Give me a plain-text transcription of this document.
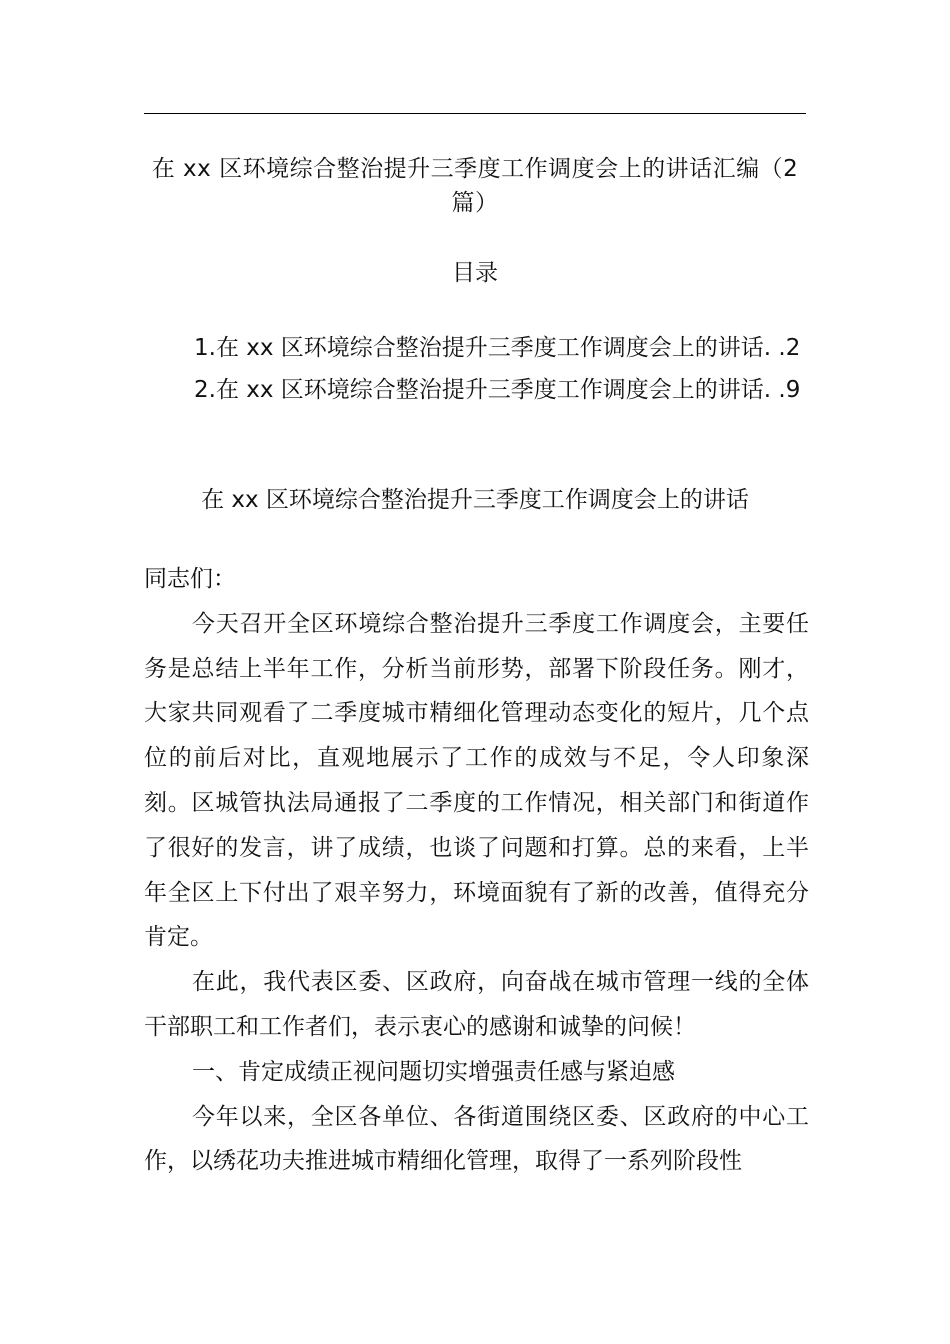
在 xx 区环境综合整治提升三季度工作调度会上的讲话汇编（2篇）
目录
1.在 xx 区环境综合整治提升三季度工作调度会上的讲话. .2
2.在 xx 区环境综合整治提升三季度工作调度会上的讲话. .9
在 xx 区环境综合整治提升三季度工作调度会上的讲话

同志们：

今天召开全区环境综合整治提升三季度工作调度会，主要任务是总结上半年工作，分析当前形势，部署下阶段任务。刚才，大家共同观看了二季度城市精细化管理动态变化的短片，几个点位的前后对比，直观地展示了工作的成效与不足，令人印象深刻。区城管执法局通报了二季度的工作情况，相关部门和街道作了很好的发言，讲了成绩，也谈了问题和打算。总的来看，上半年全区上下付出了艰辛努力，环境面貌有了新的改善，值得充分肯定。

在此，我代表区委、区政府，向奋战在城市管理一线的全体干部职工和工作者们，表示衷心的感谢和诚挚的问候！

一、肯定成绩正视问题切实增强责任感与紧迫感

今年以来，全区各单位、各街道围绕区委、区政府的中心工作，以绣花功夫推进城市精细化管理，取得了一系列阶段性
